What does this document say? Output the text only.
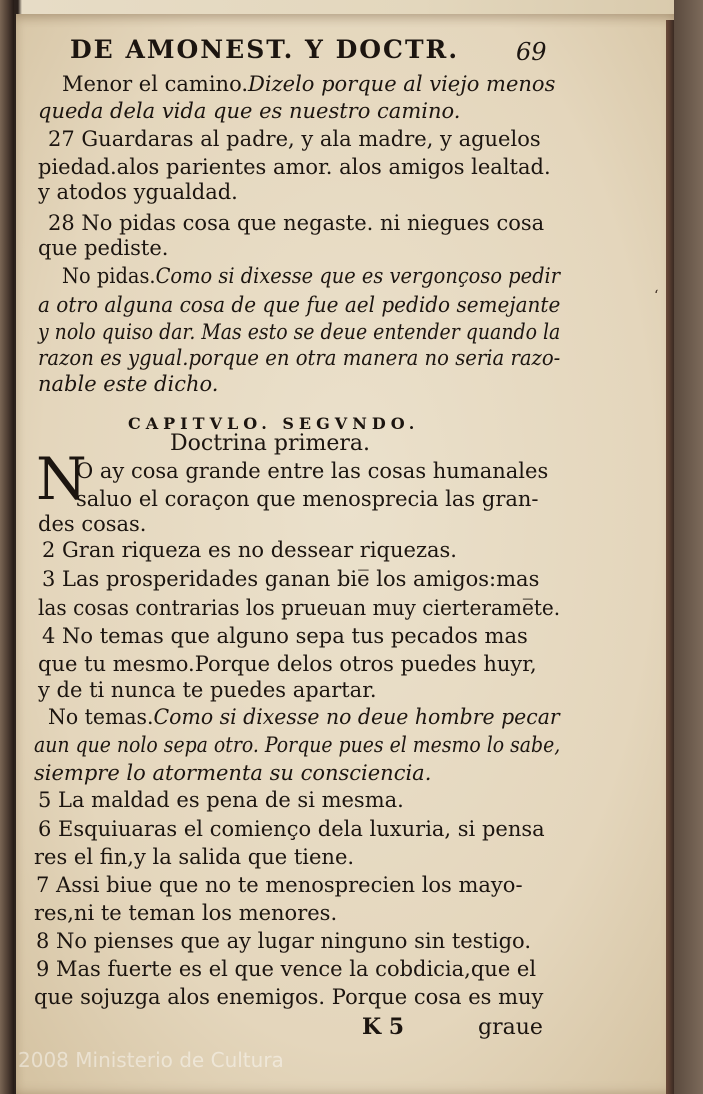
DE AMONEST. Y DOCTR. 69
Menor el camino.Dizelo porque al viejo menos
queda dela vida que es nuestro camino.
27 Guardaras al padre, y ala madre, y aguelos
piedad.alos parientes amor. alos amigos lealtad.
y atodos ygualdad.
28 No pidas cosa que negaste. ni niegues cosa
que pediste.
No pidas.Como si dixesse que es vergonçoso pedir
a otro alguna cosa de que fue ael pedido semejante
y nolo quiso dar. Mas esto se deue entender quando la
razon es ygual.porque en otra manera no seria razo-
nable este dicho.
CAPITVLO. SEGVNDO.
Doctrina primera.
N
O ay cosa grande entre las cosas humanales
saluo el coraçon que menosprecia las gran-
des cosas.
2 Gran riqueza es no dessear riquezas.
3 Las prosperidades ganan bie̅ los amigos:mas
las cosas contrarias los prueuan muy cierterame̅te.
4 No temas que alguno sepa tus pecados mas
que tu mesmo.Porque delos otros puedes huyr,
y de ti nunca te puedes apartar.
No temas.Como si dixesse no deue hombre pecar
aun que nolo sepa otro. Porque pues el mesmo lo sabe,
siempre lo atormenta su consciencia.
5 La maldad es pena de si mesma.
6 Esquiuaras el comienço dela luxuria, si pensa
res el fin,y la salida que tiene.
7 Assi biue que no te menosprecien los mayo-
res,ni te teman los menores.
8 No pienses que ay lugar ninguno sin testigo.
9 Mas fuerte es el que vence la cobdicia,que el
que sojuzga alos enemigos. Porque cosa es muy
K 5	graue
‘
2008 Ministerio de Cultura
